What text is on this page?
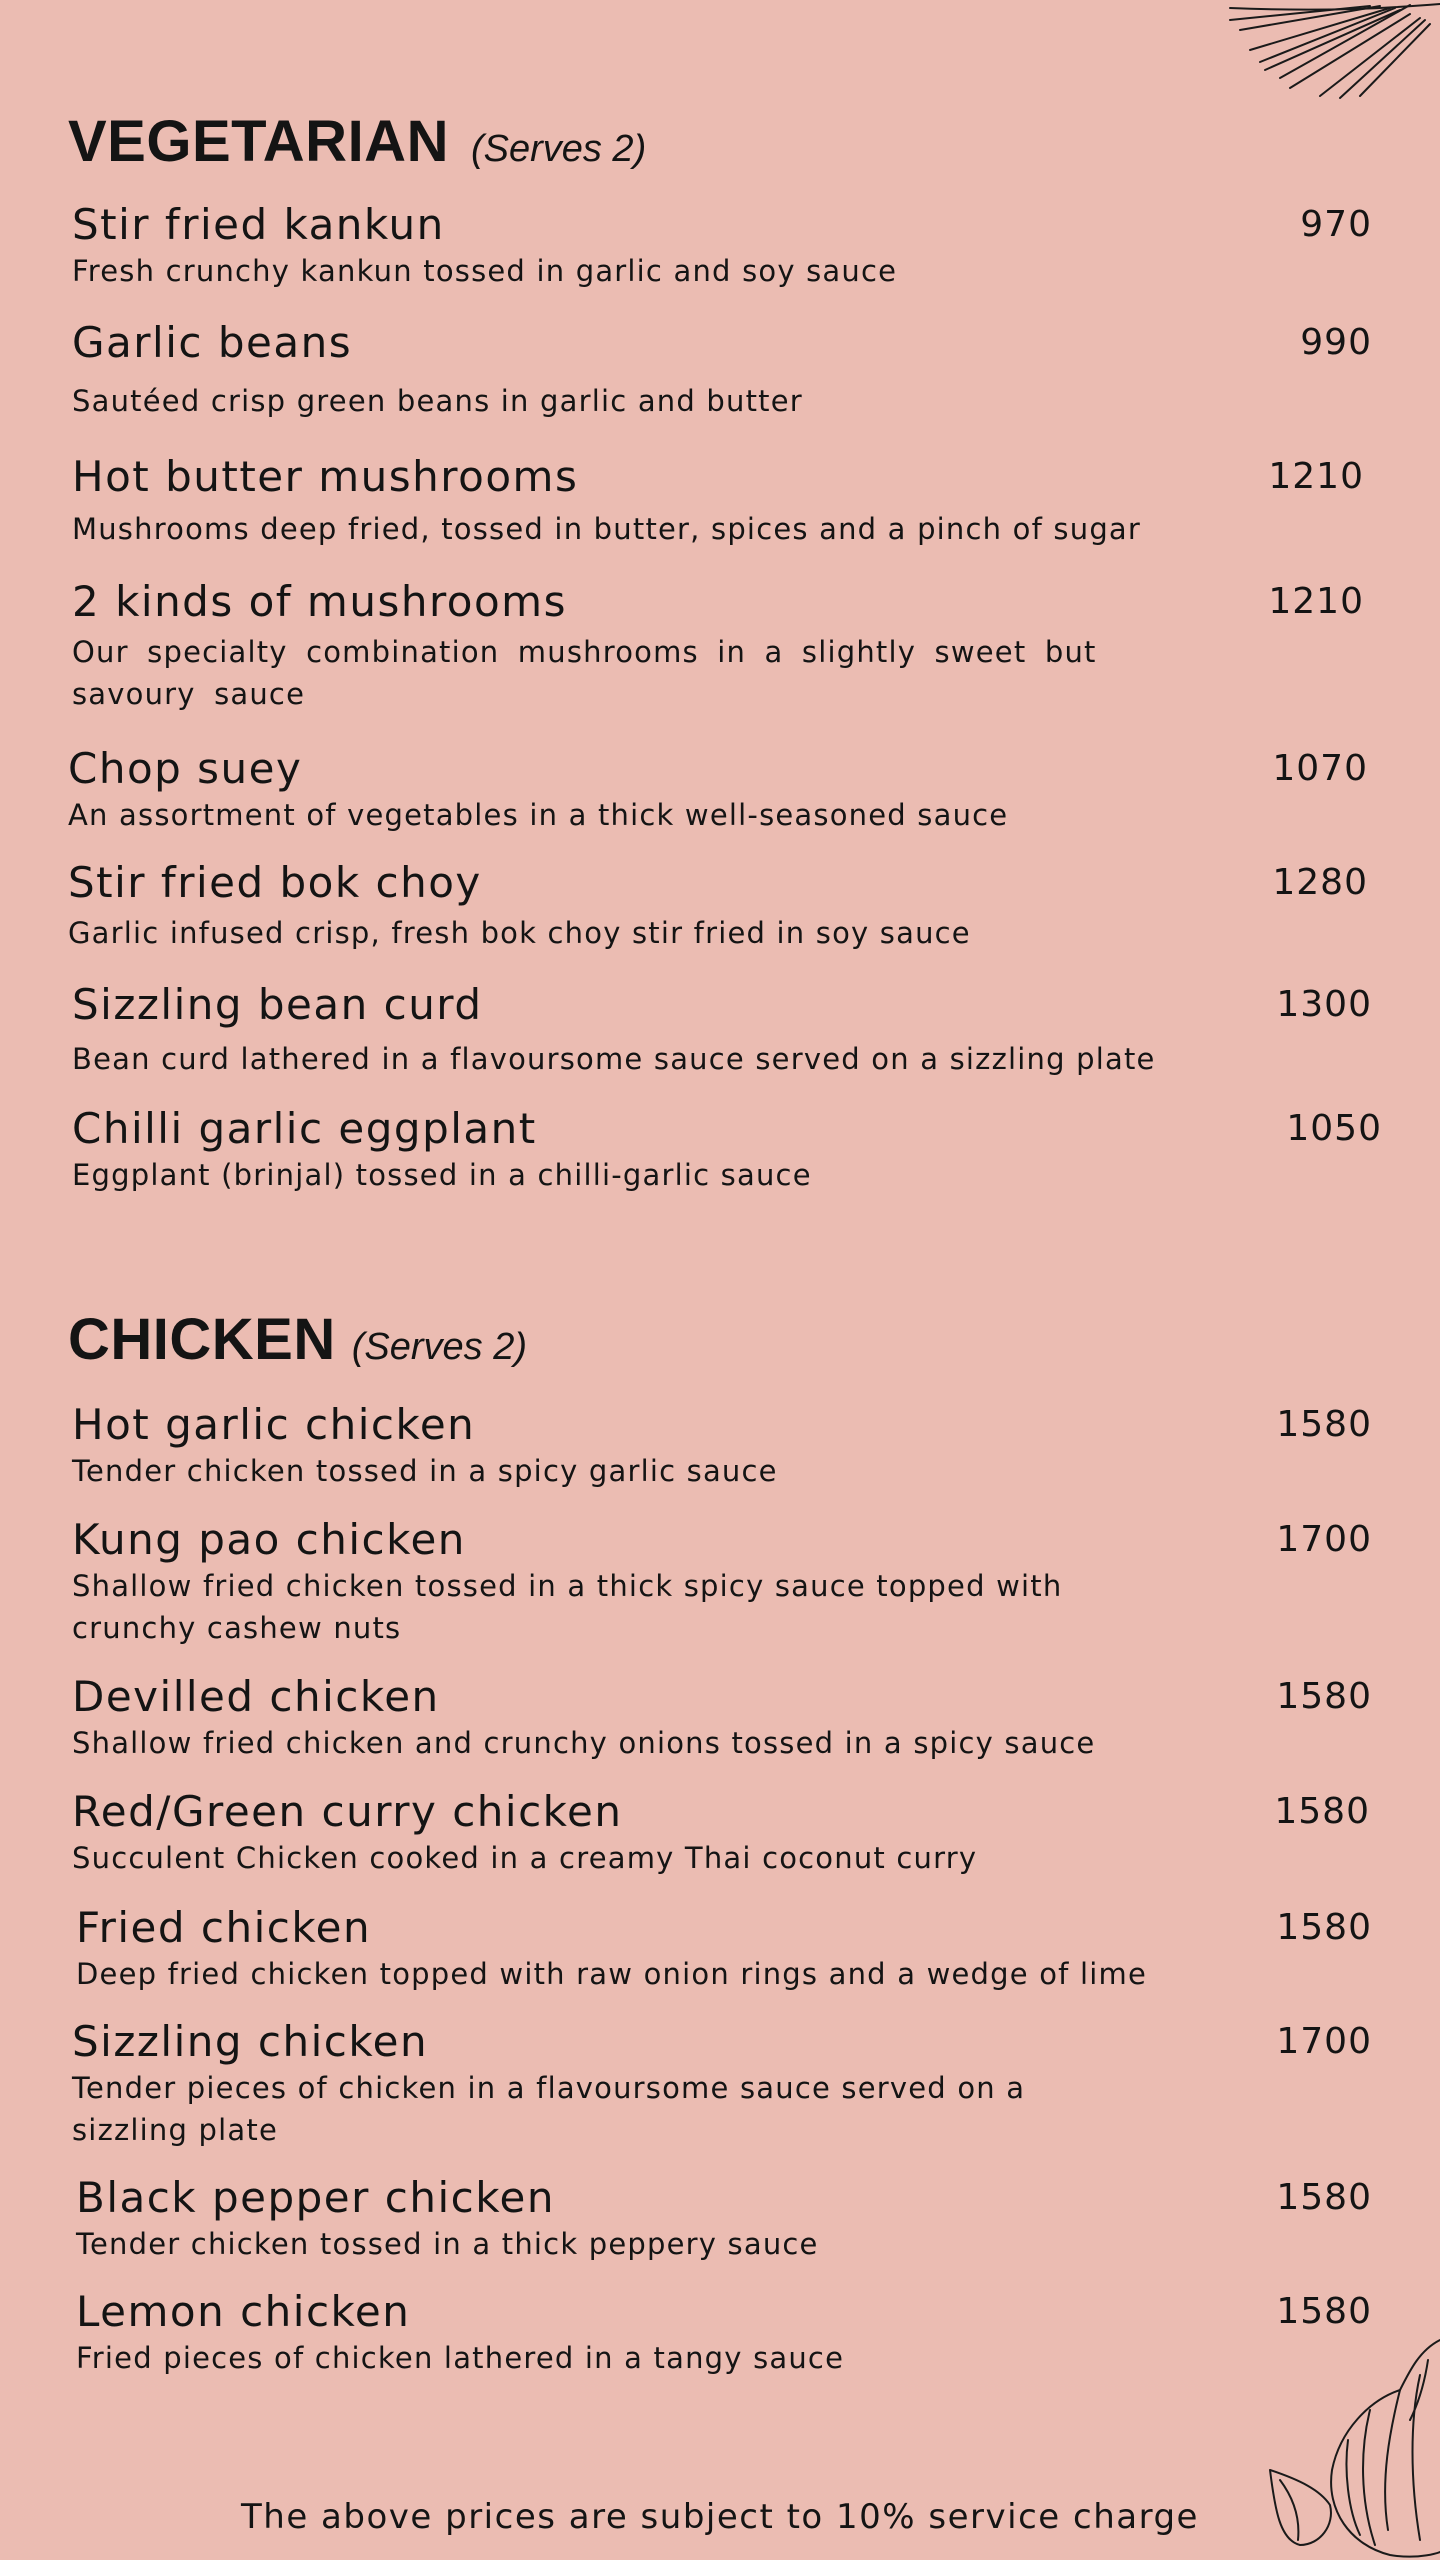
VEGETARIAN (Serves 2)
Stir fried kankun	970
Fresh crunchy kankun tossed in garlic and soy sauce
Garlic beans	990
Sautéed crisp green beans in garlic and butter
Hot butter mushrooms	1210
Mushrooms deep fried, tossed in butter, spices and a pinch of sugar
2 kinds of mushrooms	1210
Our specialty combination mushrooms in a slightly sweet but savoury sauce
Chop suey	1070
An assortment of vegetables in a thick well-seasoned sauce
Stir fried bok choy	1280
Garlic infused crisp, fresh bok choy stir fried in soy sauce
Sizzling bean curd	1300
Bean curd lathered in a flavoursome sauce served on a sizzling plate
Chilli garlic eggplant	1050
Eggplant (brinjal) tossed in a chilli-garlic sauce
CHICKEN (Serves 2)
Hot garlic chicken	1580
Tender chicken tossed in a spicy garlic sauce
Kung pao chicken	1700
Shallow fried chicken tossed in a thick spicy sauce topped with crunchy cashew nuts
Devilled chicken	1580
Shallow fried chicken and crunchy onions tossed in a spicy sauce
Red/Green curry chicken	1580
Succulent Chicken cooked in a creamy Thai coconut curry
Fried chicken	1580
Deep fried chicken topped with raw onion rings and a wedge of lime
Sizzling chicken	1700
Tender pieces of chicken in a flavoursome sauce served on a sizzling plate
Black pepper chicken	1580
Tender chicken tossed in a thick peppery sauce
Lemon chicken	1580
Fried pieces of chicken lathered in a tangy sauce
The above prices are subject to 10% service charge
